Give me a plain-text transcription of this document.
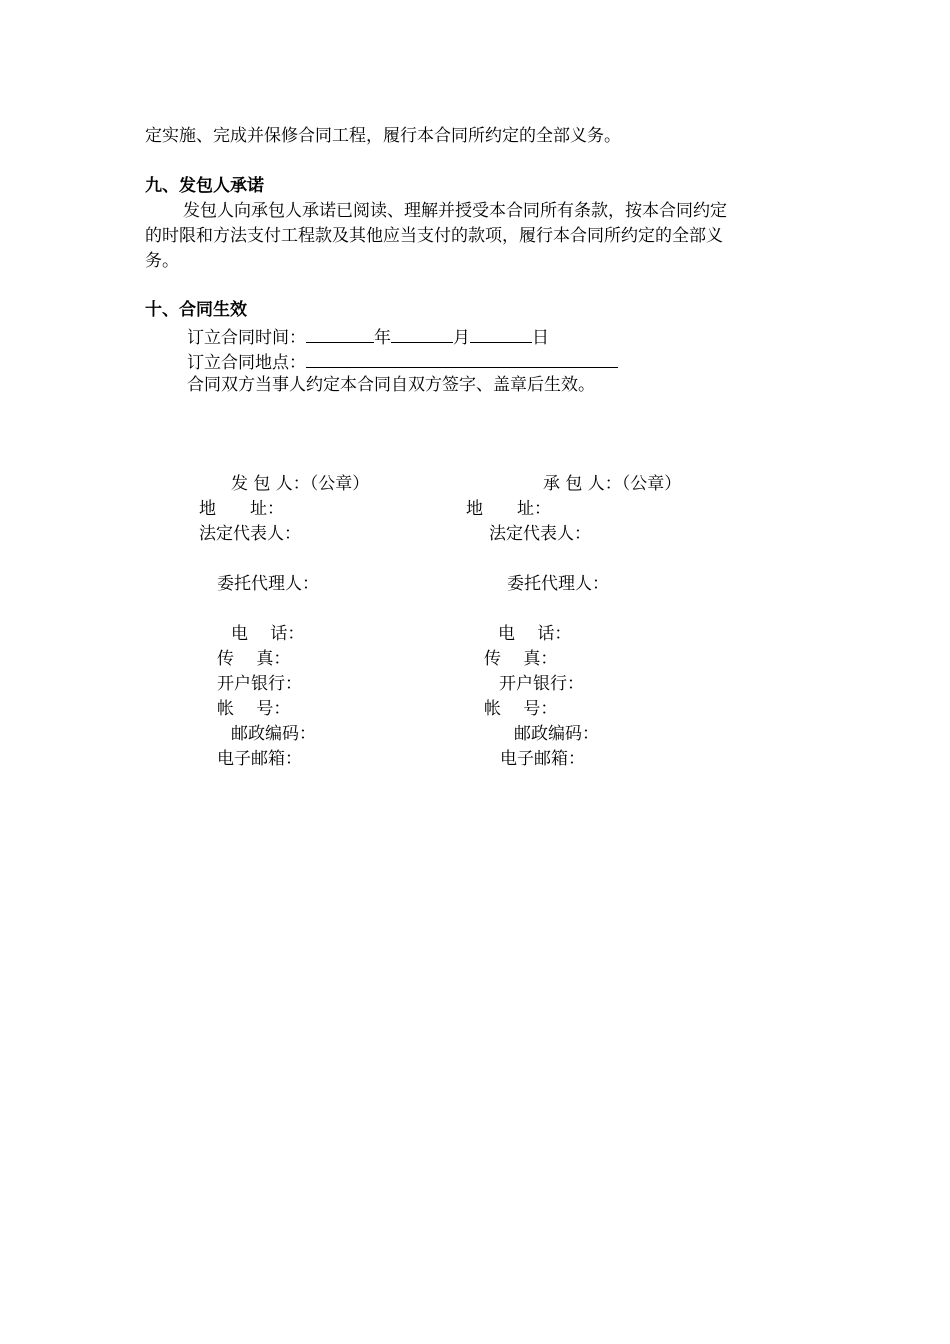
定实施、完成并保修合同工程，履行本合同所约定的全部义务。
九、发包人承诺
发包人向承包人承诺已阅读、理解并授受本合同所有条款，按本合同约定
的时限和方法支付工程款及其他应当支付的款项，履行本合同所约定的全部义
务。
十、合同生效
订立合同时间：	年	月	日
订立合同地点：
合同双方当事人约定本合同自双方签字、盖章后生效。
发 包 人：（公章）
地　　址：
法定代表人：
委托代理人：
电　 话：
传　 真：
开户银行：
帐　 号：
邮政编码：
电子邮箱：
承 包 人：（公章）
地　　址：
法定代表人：
委托代理人：
电　 话：
传　 真：
开户银行：
帐　 号：
邮政编码：
电子邮箱：
